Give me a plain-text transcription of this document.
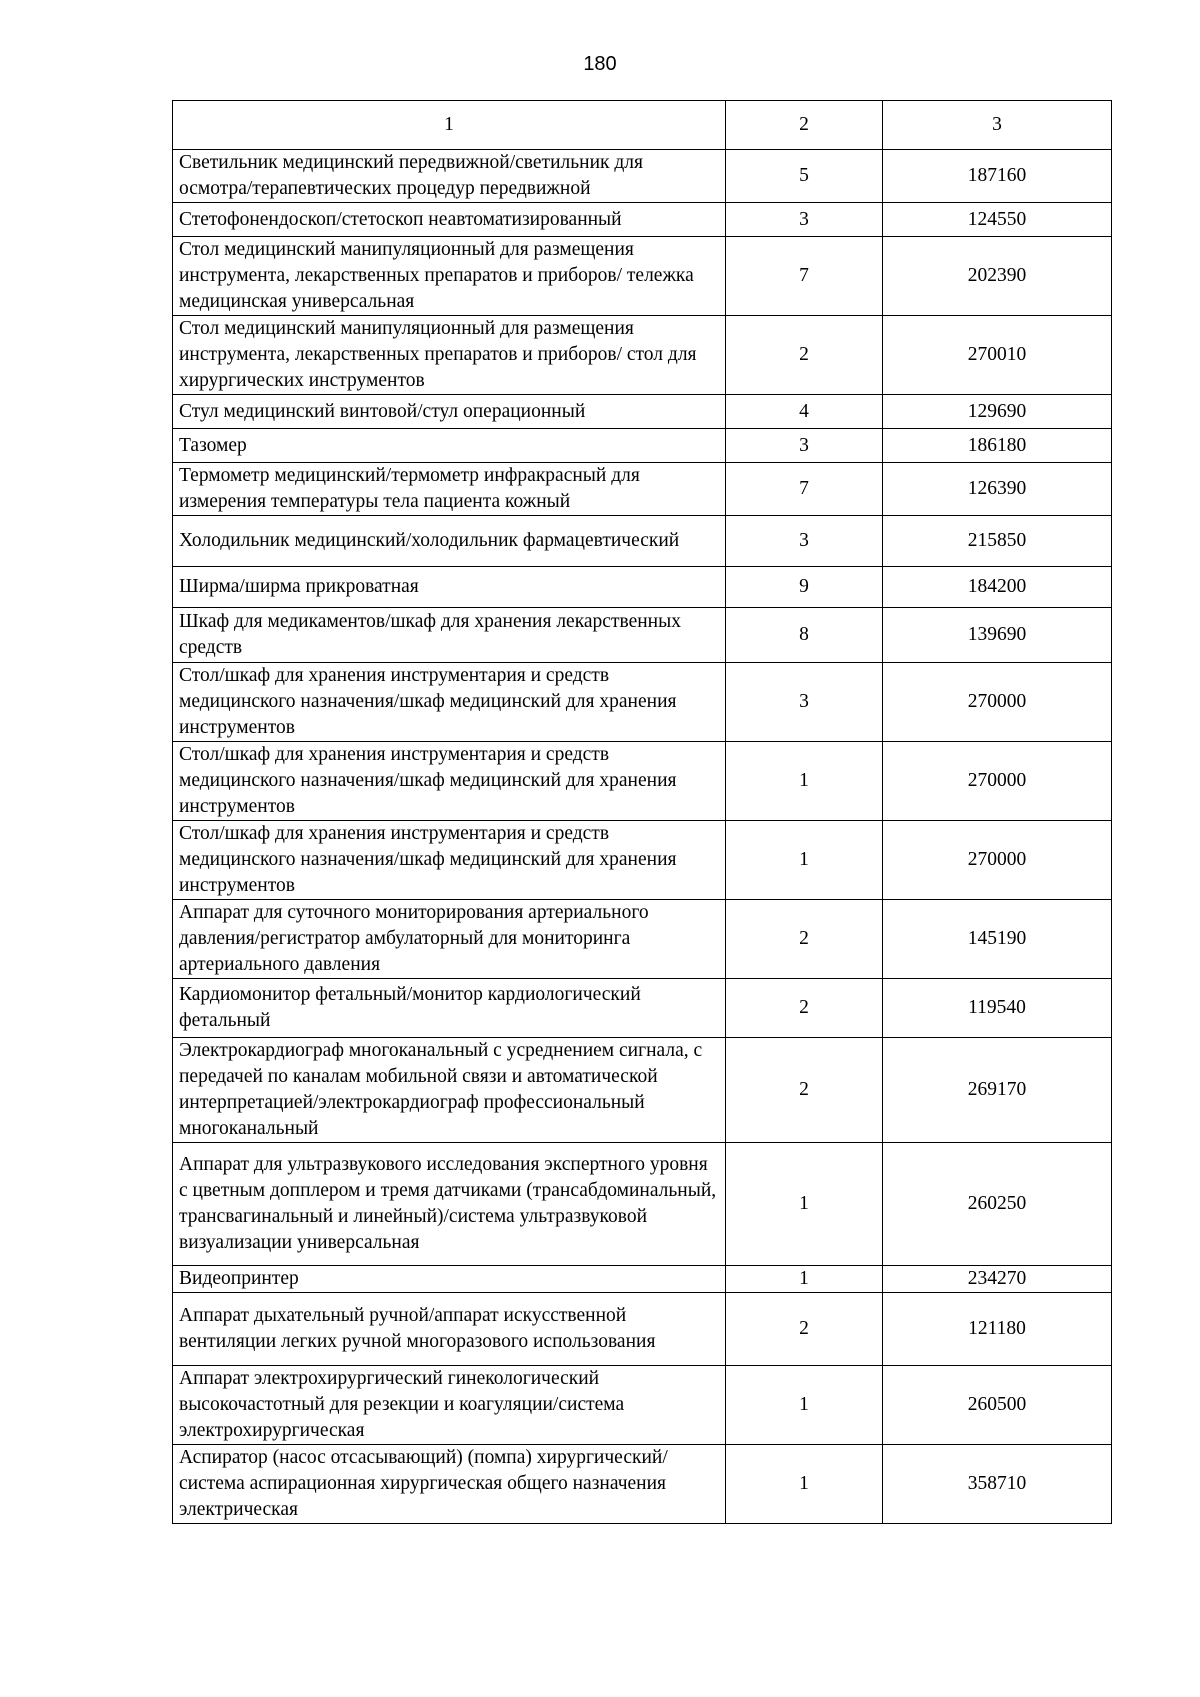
180
1	2	3
Светильник медицинский передвижной/светильник для осмотра/терапевтических процедур передвижной	5	187160
Стетофонендоскоп/стетоскоп неавтоматизированный	3	124550
Стол медицинский манипуляционный для размещения инструмента, лекарственных препаратов и приборов/ тележка медицинская универсальная	7	202390
Стол медицинский манипуляционный для размещения инструмента, лекарственных препаратов и приборов/ стол для хирургических инструментов	2	270010
Стул медицинский винтовой/стул операционный	4	129690
Тазомер	3	186180
Термометр медицинский/термометр инфракрасный для измерения температуры тела пациента кожный	7	126390
Холодильник медицинский/холодильник фармацевтический	3	215850
Ширма/ширма прикроватная	9	184200
Шкаф для медикаментов/шкаф для хранения лекарственных средств	8	139690
Стол/шкаф для хранения инструментария и средств медицинского назначения/шкаф медицинский для хранения инструментов	3	270000
Стол/шкаф для хранения инструментария и средств медицинского назначения/шкаф медицинский для хранения инструментов	1	270000
Стол/шкаф для хранения инструментария и средств медицинского назначения/шкаф медицинский для хранения инструментов	1	270000
Аппарат для суточного мониторирования артериального давления/регистратор амбулаторный для мониторинга артериального давления	2	145190
Кардиомонитор фетальный/монитор кардиологический фетальный	2	119540
Электрокардиограф многоканальный с усреднением сигнала, с передачей по каналам мобильной связи и автоматической интерпретацией/электрокардиограф профессиональный многоканальный	2	269170
Аппарат для ультразвукового исследования экспертного уровня с цветным допплером и тремя датчиками (трансабдоминальный, трансвагинальный и линейный)/система ультразвуковой визуализации универсальная	1	260250
Видеопринтер	1	234270
Аппарат дыхательный ручной/аппарат искусственной вентиляции легких ручной многоразового использования	2	121180
Аппарат электрохирургический гинекологический высокочастотный для резекции и коагуляции/система электрохирургическая	1	260500
Аспиратор (насос отсасывающий) (помпа) хирургический/система аспирационная хирургическая общего назначения электрическая	1	358710
